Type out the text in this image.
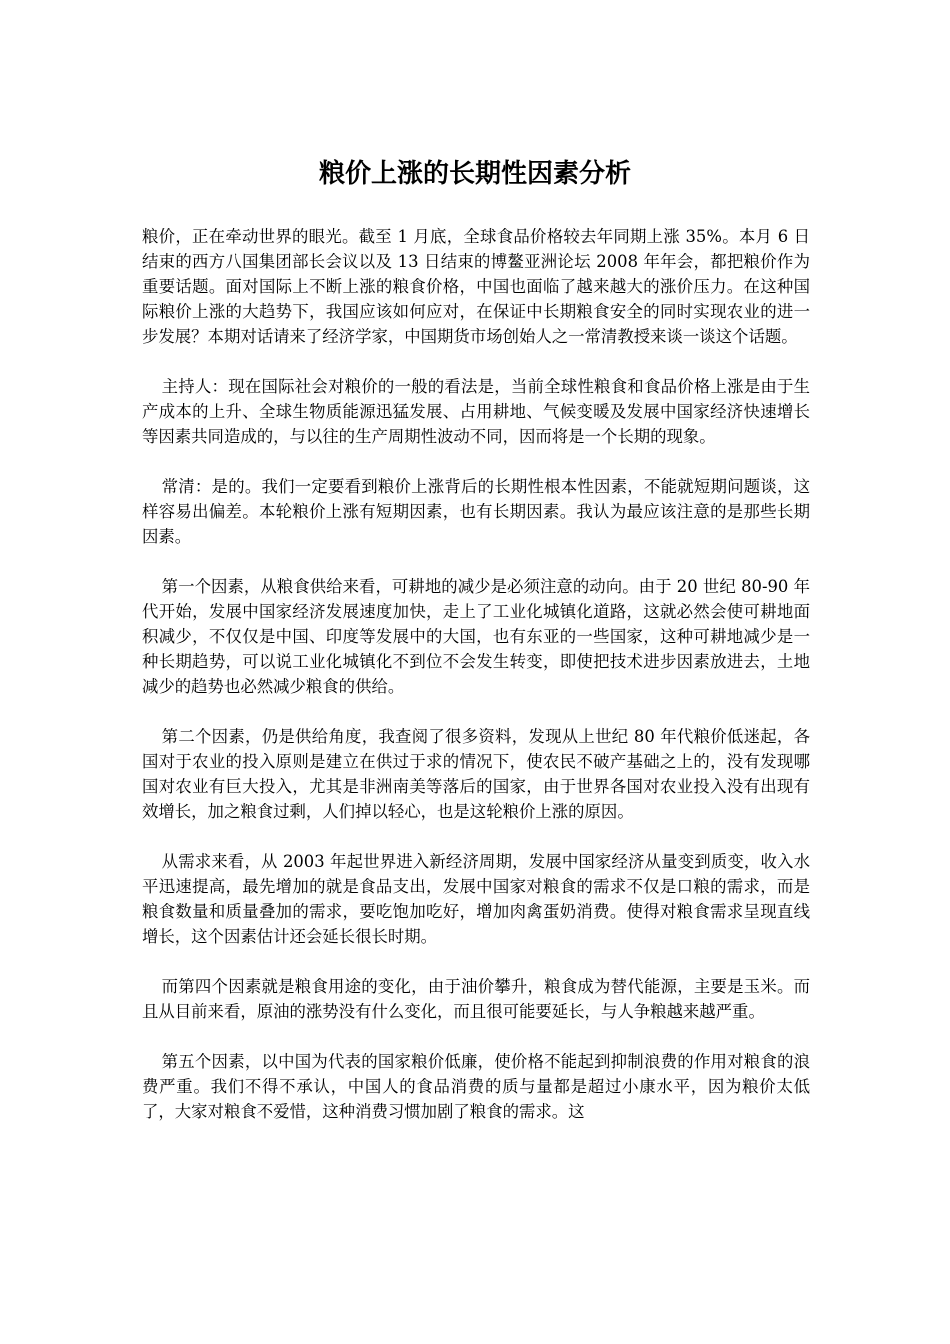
粮价上涨的长期性因素分析

粮价，正在牵动世界的眼光。截至 1 月底，全球食品价格较去年同期上涨 35%。本月 6 日结束的西方八国集团部长会议以及 13 日结束的博鳌亚洲论坛 2008 年年会，都把粮价作为重要话题。面对国际上不断上涨的粮食价格，中国也面临了越来越大的涨价压力。在这种国际粮价上涨的大趋势下，我国应该如何应对，在保证中长期粮食安全的同时实现农业的进一步发展？本期对话请来了经济学家，中国期货市场创始人之一常清教授来谈一谈这个话题。

主持人：现在国际社会对粮价的一般的看法是，当前全球性粮食和食品价格上涨是由于生产成本的上升、全球生物质能源迅猛发展、占用耕地、气候变暖及发展中国家经济快速增长等因素共同造成的，与以往的生产周期性波动不同，因而将是一个长期的现象。

常清：是的。我们一定要看到粮价上涨背后的长期性根本性因素，不能就短期问题谈，这样容易出偏差。本轮粮价上涨有短期因素，也有长期因素。我认为最应该注意的是那些长期因素。

第一个因素，从粮食供给来看，可耕地的减少是必须注意的动向。由于 20 世纪 80-90 年代开始，发展中国家经济发展速度加快，走上了工业化城镇化道路，这就必然会使可耕地面积减少，不仅仅是中国、印度等发展中的大国，也有东亚的一些国家，这种可耕地减少是一种长期趋势，可以说工业化城镇化不到位不会发生转变，即使把技术进步因素放进去，土地减少的趋势也必然减少粮食的供给。

第二个因素，仍是供给角度，我查阅了很多资料，发现从上世纪 80 年代粮价低迷起，各国对于农业的投入原则是建立在供过于求的情况下，使农民不破产基础之上的，没有发现哪国对农业有巨大投入，尤其是非洲南美等落后的国家，由于世界各国对农业投入没有出现有效增长，加之粮食过剩，人们掉以轻心，也是这轮粮价上涨的原因。

从需求来看，从 2003 年起世界进入新经济周期，发展中国家经济从量变到质变，收入水平迅速提高，最先增加的就是食品支出，发展中国家对粮食的需求不仅是口粮的需求，而是粮食数量和质量叠加的需求，要吃饱加吃好，增加肉禽蛋奶消费。使得对粮食需求呈现直线增长，这个因素估计还会延长很长时期。

而第四个因素就是粮食用途的变化，由于油价攀升，粮食成为替代能源，主要是玉米。而且从目前来看，原油的涨势没有什么变化，而且很可能要延长，与人争粮越来越严重。

第五个因素，以中国为代表的国家粮价低廉，使价格不能起到抑制浪费的作用对粮食的浪费严重。我们不得不承认，中国人的食品消费的质与量都是超过小康水平，因为粮价太低了，大家对粮食不爱惜，这种消费习惯加剧了粮食的需求。这
